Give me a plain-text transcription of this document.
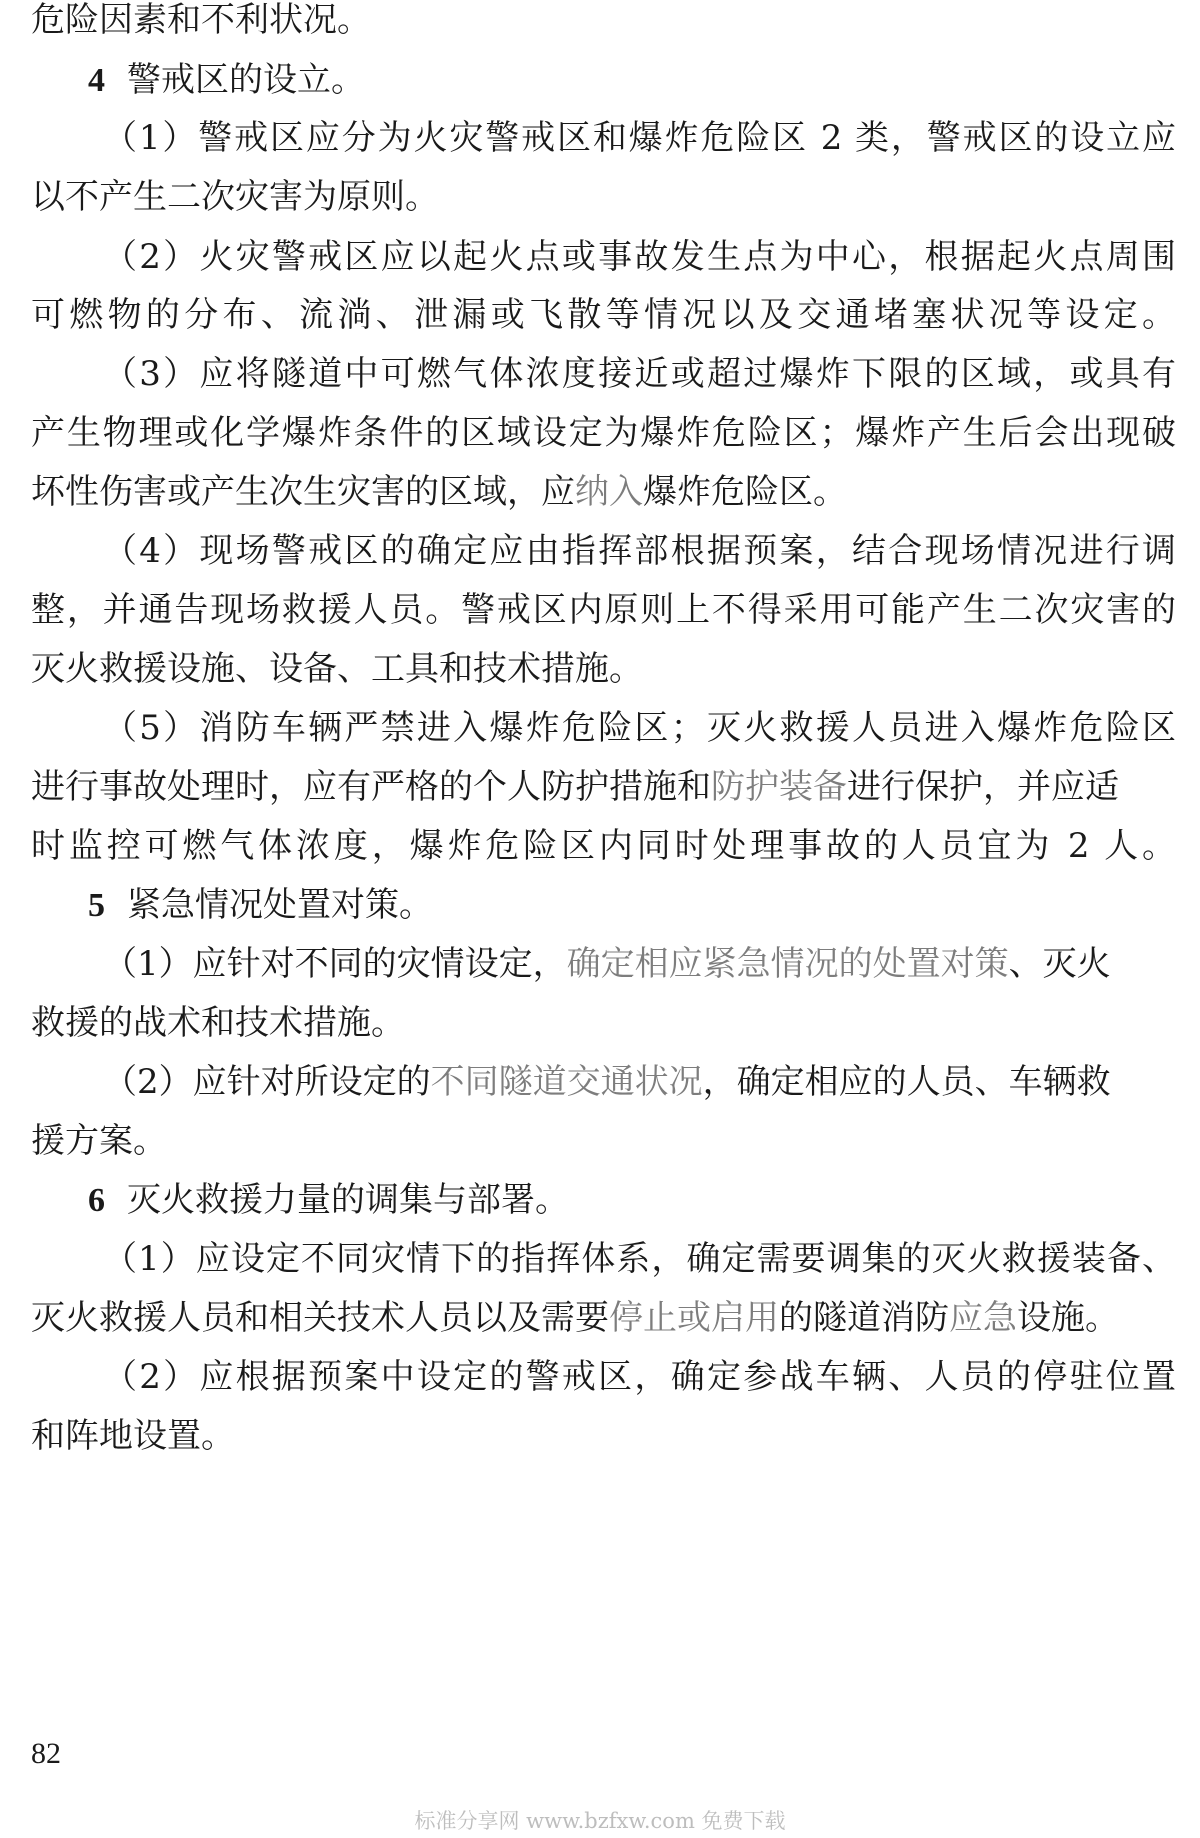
危险因素和不利状况。
4 警戒区的设立。
（1）警戒区应分为火灾警戒区和爆炸危险区 2 类，警戒区的设立应
以不产生二次灾害为原则。
（2）火灾警戒区应以起火点或事故发生点为中心，根据起火点周围
可燃物的分布、流淌、泄漏或飞散等情况以及交通堵塞状况等设定。
（3）应将隧道中可燃气体浓度接近或超过爆炸下限的区域，或具有
产生物理或化学爆炸条件的区域设定为爆炸危险区；爆炸产生后会出现破
坏性伤害或产生次生灾害的区域，应纳入爆炸危险区。
（4）现场警戒区的确定应由指挥部根据预案，结合现场情况进行调
整，并通告现场救援人员。警戒区内原则上不得采用可能产生二次灾害的
灭火救援设施、设备、工具和技术措施。
（5）消防车辆严禁进入爆炸危险区；灭火救援人员进入爆炸危险区
进行事故处理时，应有严格的个人防护措施和防护装备进行保护，并应适
时监控可燃气体浓度，爆炸危险区内同时处理事故的人员宜为 2 人。
5 紧急情况处置对策。
（1）应针对不同的灾情设定，确定相应紧急情况的处置对策、灭火
救援的战术和技术措施。
（2）应针对所设定的不同隧道交通状况，确定相应的人员、车辆救
援方案。
6 灭火救援力量的调集与部署。
（1）应设定不同灾情下的指挥体系，确定需要调集的灭火救援装备、
灭火救援人员和相关技术人员以及需要停止或启用的隧道消防应急设施。
（2）应根据预案中设定的警戒区，确定参战车辆、人员的停驻位置
和阵地设置。
82
标准分享网 www.bzfxw.com 免费下载
